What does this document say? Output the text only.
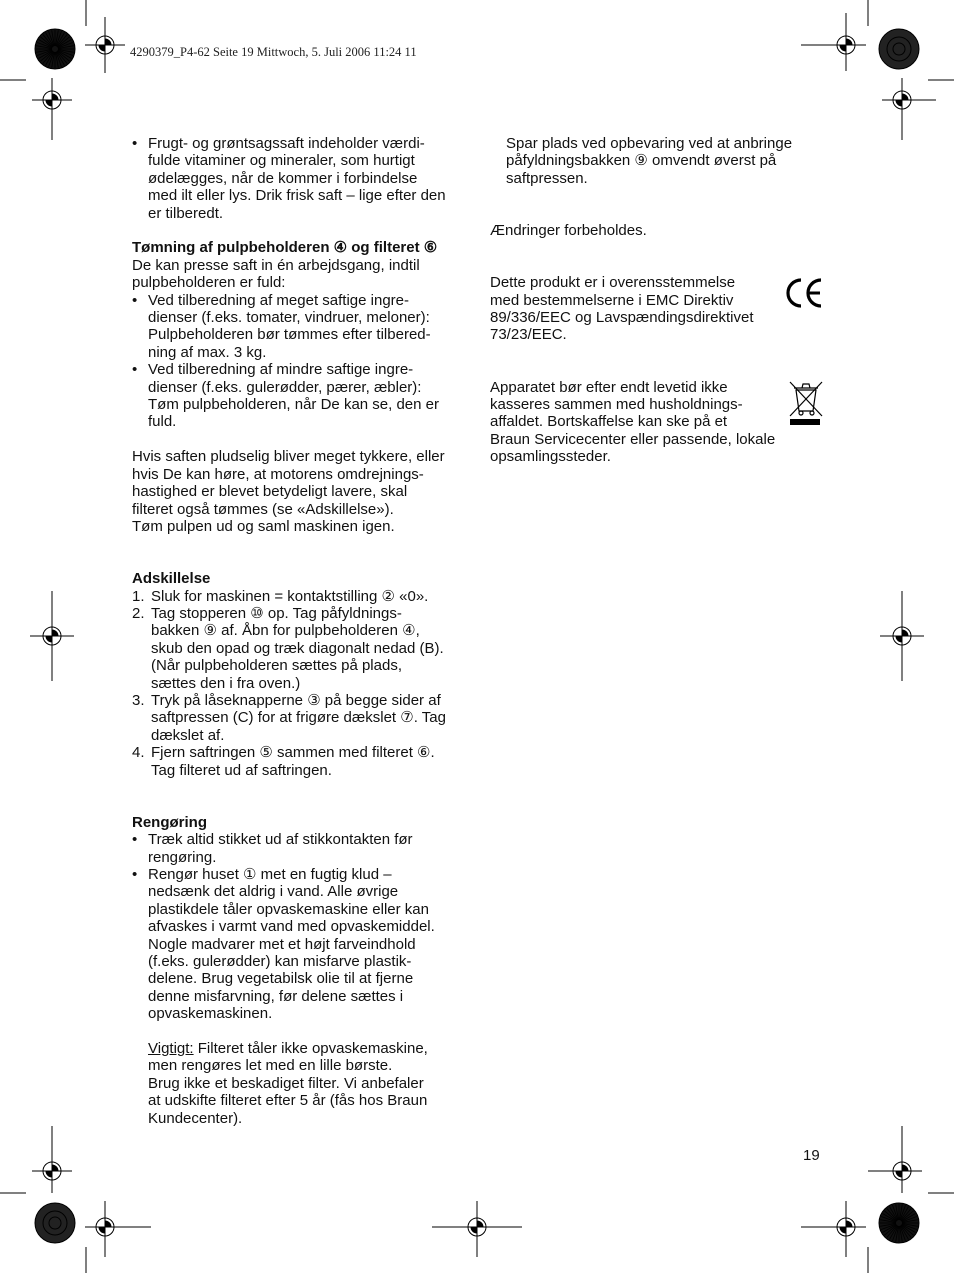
4290379_P4-62 Seite 19 Mittwoch, 5. Juli 2006 11:24 11

• Frugt- og grøntsagssaft indeholder værdi-
fulde vitaminer og mineraler, som hurtigt
ødelægges, når de kommer i forbindelse
med ilt eller lys. Drik frisk saft – lige efter den
er tilberedt.

Tømning af pulpbeholderen ④ og filteret ⑥

De kan presse saft in én arbejdsgang, indtil
pulpbeholderen er fuld:

• Ved tilberedning af meget saftige ingre-
dienser (f.eks. tomater, vindruer, meloner):
Pulpbeholderen bør tømmes efter tilbered-
ning af max. 3 kg.

• Ved tilberedning af mindre saftige ingre-
dienser (f.eks. gulerødder, pærer, æbler):
Tøm pulpbeholderen, når De kan se, den er
fuld.

Hvis saften pludselig bliver meget tykkere, eller
hvis De kan høre, at motorens omdrejnings-
hastighed er blevet betydeligt lavere, skal
filteret også tømmes (se «Adskillelse»).
Tøm pulpen ud og saml maskinen igen.

Adskillelse

1. Sluk for maskinen = kontaktstilling ② «0».

2. Tag stopperen ⑩ op. Tag påfyldnings-
bakken ⑨ af. Åbn for pulpbeholderen ④,
skub den opad og træk diagonalt nedad (B).
(Når pulpbeholderen sættes på plads,
sættes den i fra oven.)

3. Tryk på låseknapperne ③ på begge sider af
saftpressen (C) for at frigøre dækslet ⑦. Tag
dækslet af.

4. Fjern saftringen ⑤ sammen med filteret ⑥.
Tag filteret ud af saftringen.

Rengøring

• Træk altid stikket ud af stikkontakten før
rengøring.

• Rengør huset ① met en fugtig klud –
nedsænk det aldrig i vand. Alle øvrige
plastikdele tåler opvaskemaskine eller kan
afvaskes i varmt vand med opvaskemiddel.
Nogle madvarer met et højt farveindhold
(f.eks. gulerødder) kan misfarve plastik-
delene. Brug vegetabilsk olie til at fjerne
denne misfarvning, før delene sættes i
opvaskemaskinen.

Vigtigt: Filteret tåler ikke opvaskemaskine,
men rengøres let med en lille børste.
Brug ikke et beskadiget filter. Vi anbefaler
at udskifte filteret efter 5 år (fås hos Braun
Kundecenter).

Spar plads ved opbevaring ved at anbringe
påfyldningsbakken ⑨ omvendt øverst på
saftpressen.

Ændringer forbeholdes.

Dette produkt er i overensstemmelse
med bestemmelserne i EMC Direktiv
89/336/EEC og Lavspændingsdirektivet
73/23/EEC.

Apparatet bør efter endt levetid ikke
kasseres sammen med husholdnings-
affaldet. Bortskaffelse kan ske på et
Braun Servicecenter eller passende, lokale
opsamlingssteder.

19
